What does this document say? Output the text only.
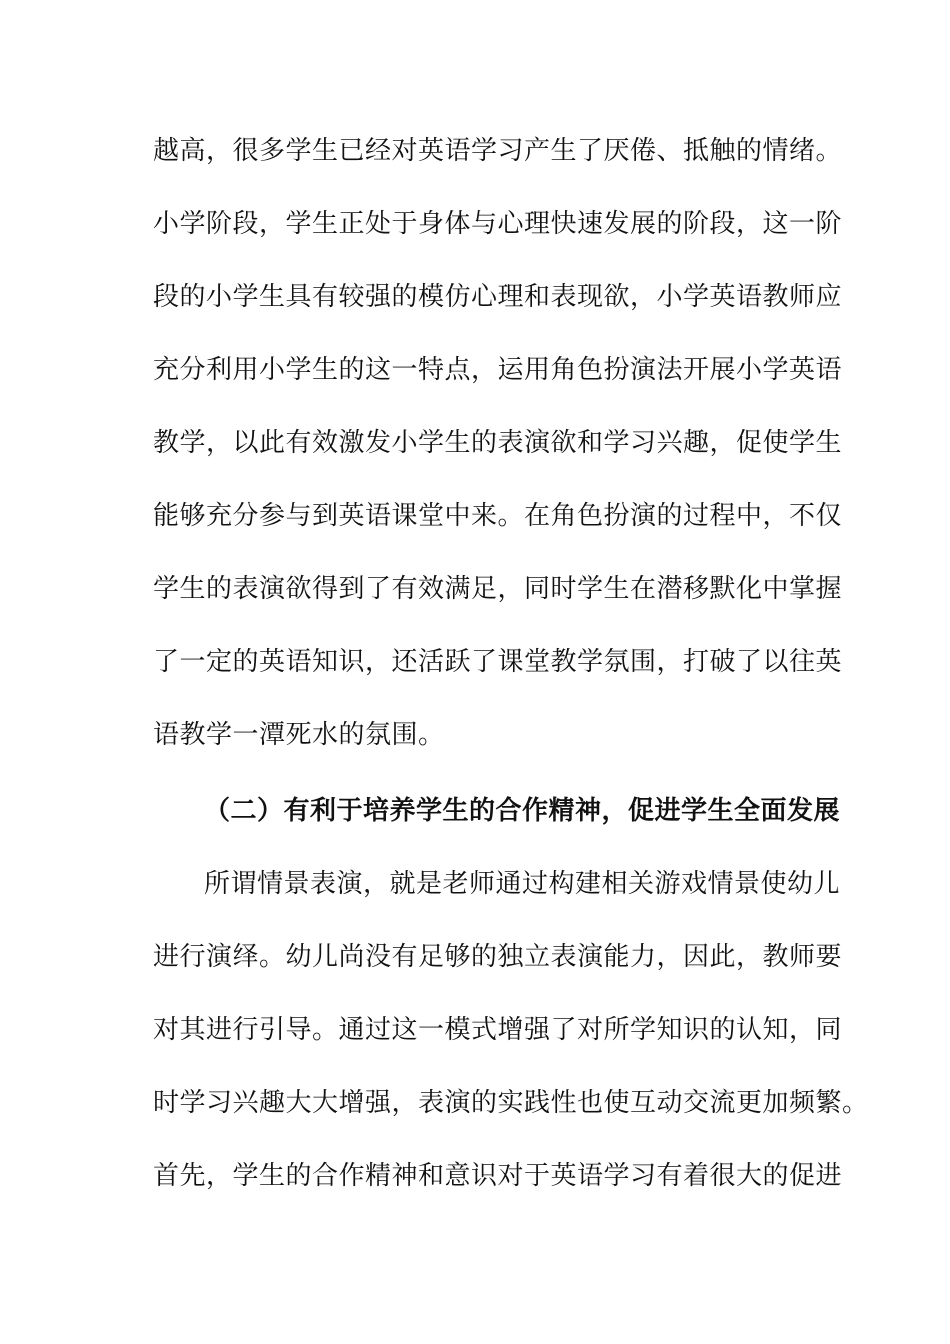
越高，很多学生已经对英语学习产生了厌倦、抵触的情绪。
小学阶段，学生正处于身体与心理快速发展的阶段，这一阶
段的小学生具有较强的模仿心理和表现欲，小学英语教师应
充分利用小学生的这一特点，运用角色扮演法开展小学英语
教学，以此有效激发小学生的表演欲和学习兴趣，促使学生
能够充分参与到英语课堂中来。在角色扮演的过程中，不仅
学生的表演欲得到了有效满足，同时学生在潜移默化中掌握
了一定的英语知识，还活跃了课堂教学氛围，打破了以往英
语教学一潭死水的氛围。
（二）有利于培养学生的合作精神，促进学生全面发展
所谓情景表演，就是老师通过构建相关游戏情景使幼儿
进行演绎。幼儿尚没有足够的独立表演能力，因此，教师要
对其进行引导。通过这一模式增强了对所学知识的认知，同
时学习兴趣大大增强，表演的实践性也使互动交流更加频繁。
首先，学生的合作精神和意识对于英语学习有着很大的促进
